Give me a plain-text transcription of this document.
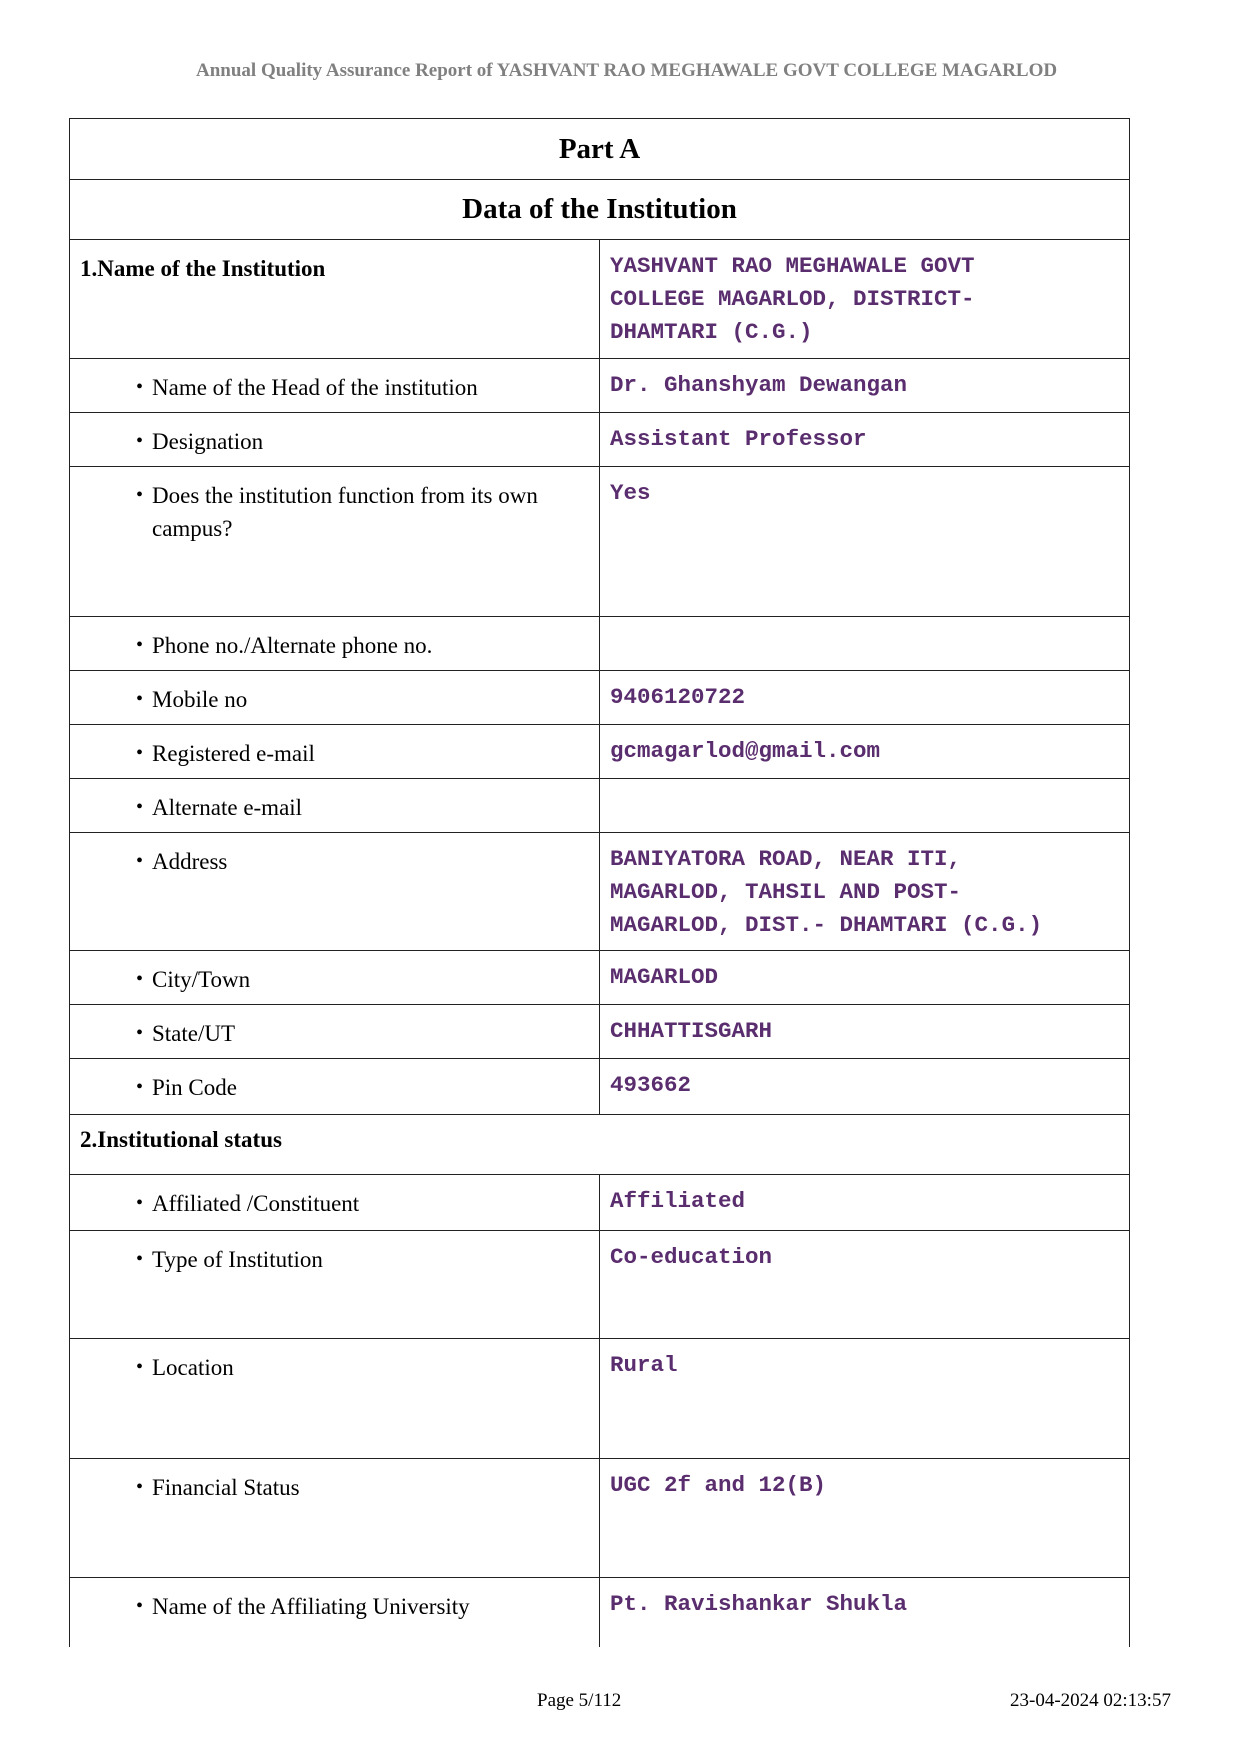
Annual Quality Assurance Report of YASHVANT RAO MEGHAWALE GOVT COLLEGE MAGARLOD
Part A
Data of the Institution
1.Name of the Institution	YASHVANT RAO MEGHAWALE GOVT
COLLEGE MAGARLOD, DISTRICT-
DHAMTARI (C.G.)
• Name of the Head of the institution	Dr. Ghanshyam Dewangan
• Designation	Assistant Professor
• Does the institution function from its own campus?
Yes
• Phone no./Alternate phone no.
• Mobile no	9406120722
• Registered e-mail	gcmagarlod@gmail.com
• Alternate e-mail
• Address	BANIYATORA ROAD, NEAR ITI,
MAGARLOD, TAHSIL AND POST-
MAGARLOD, DIST.- DHAMTARI (C.G.)
• City/Town	MAGARLOD
• State/UT	CHHATTISGARH
• Pin Code	493662
2.Institutional status
• Affiliated /Constituent	Affiliated
• Type of Institution	Co-education
• Location	Rural
• Financial Status	UGC 2f and 12(B)
• Name of the Affiliating University	Pt. Ravishankar Shukla
Page 5/112	23-04-2024 02:13:57
